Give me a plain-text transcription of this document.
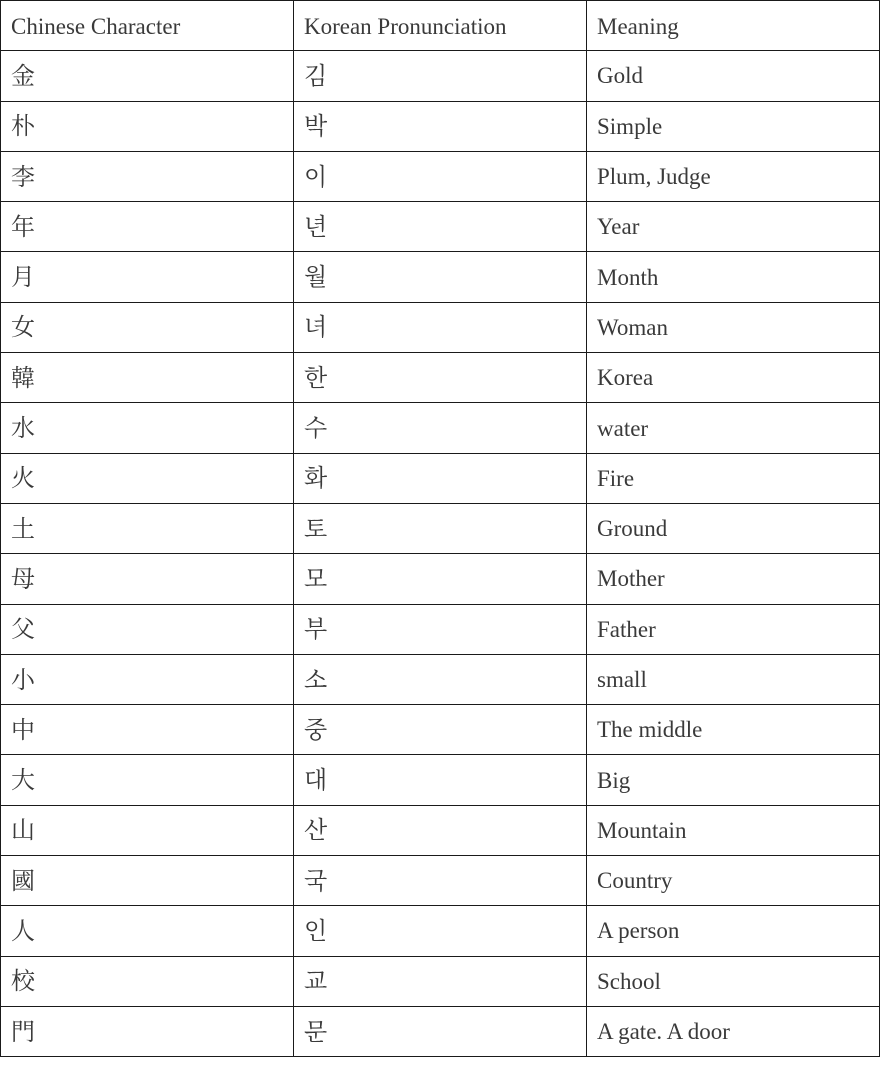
Chinese Character	Korean Pronunciation	Meaning
金	김	Gold
朴	박	Simple
李	이	Plum, Judge
年	년	Year
月	월	Month
女	녀	Woman
韓	한	Korea
水	수	water
火	화	Fire
土	토	Ground
母	모	Mother
父	부	Father
小	소	small
中	중	The middle
大	대	Big
山	산	Mountain
國	국	Country
人	인	A person
校	교	School
門	문	A gate. A door
